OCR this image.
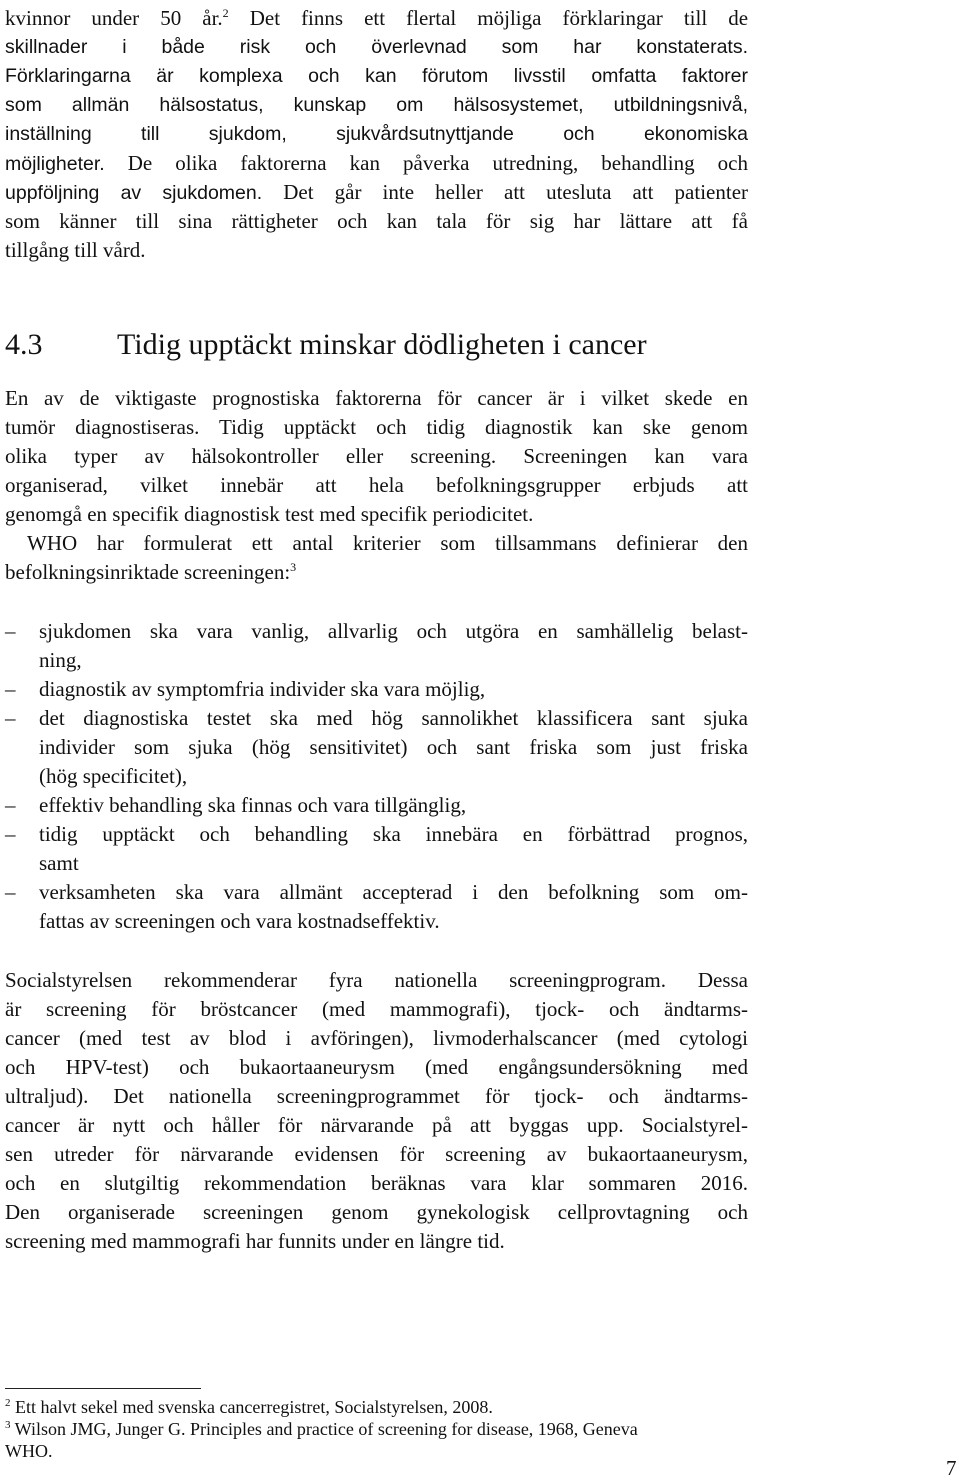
kvinnor under 50 år.$^2$ Det finns ett flertal möjliga förklaringar till de
skillnader i både risk och överlevnad som har konstaterats.
Förklaringarna är komplexa och kan förutom livsstil omfatta faktorer
som allmän hälsostatus, kunskap om hälsosystemet, utbildningsnivå,
inställning till sjukdom, sjukvårdsutnyttjande och ekonomiska
möjligheter. De olika faktorerna kan påverka utredning, behandling och
uppföljning av sjukdomen. Det går inte heller att utesluta att patienter
som känner till sina rättigheter och kan tala för sig har lättare att få
tillgång till vård.
4.3 Tidig upptäckt minskar dödligheten i cancer
En av de viktigaste prognostiska faktorerna för cancer är i vilket skede en
tumör diagnostiseras. Tidig upptäckt och tidig diagnostik kan ske genom
olika typer av hälsokontroller eller screening. Screeningen kan vara
organiserad, vilket innebär att hela befolkningsgrupper erbjuds att
genomgå en specifik diagnostisk test med specifik periodicitet.
WHO har formulerat ett antal kriterier som tillsammans definierar den
befolkningsinriktade screeningen:$^3$
–	sjukdomen ska vara vanlig, allvarlig och utgöra en samhällelig belast-
ning,
–	diagnostik av symptomfria individer ska vara möjlig,
–	det diagnostiska testet ska med hög sannolikhet klassificera sant sjuka
individer som sjuka (hög sensitivitet) och sant friska som just friska
(hög specificitet),
–	effektiv behandling ska finnas och vara tillgänglig,
–	tidig upptäckt och behandling ska innebära en förbättrad prognos,
samt
–	verksamheten ska vara allmänt accepterad i den befolkning som om-
fattas av screeningen och vara kostnadseffektiv.
Socialstyrelsen rekommenderar fyra nationella screeningprogram. Dessa
är screening för bröstcancer (med mammografi), tjock- och ändtarms-
cancer (med test av blod i avföringen), livmoderhalscancer (med cytologi
och HPV-test) och bukaortaaneurysm (med engångsundersökning med
ultraljud). Det nationella screeningprogrammet för tjock- och ändtarms-
cancer är nytt och håller för närvarande på att byggas upp. Socialstyrel-
sen utreder för närvarande evidensen för screening av bukaortaaneurysm,
och en slutgiltig rekommendation beräknas vara klar sommaren 2016.
Den organiserade screeningen genom gynekologisk cellprovtagning och
screening med mammografi har funnits under en längre tid.
$^2$ Ett halvt sekel med svenska cancerregistret, Socialstyrelsen, 2008.
$^3$ Wilson JMG, Junger G. Principles and practice of screening for disease, 1968, Geneva
WHO.
7
